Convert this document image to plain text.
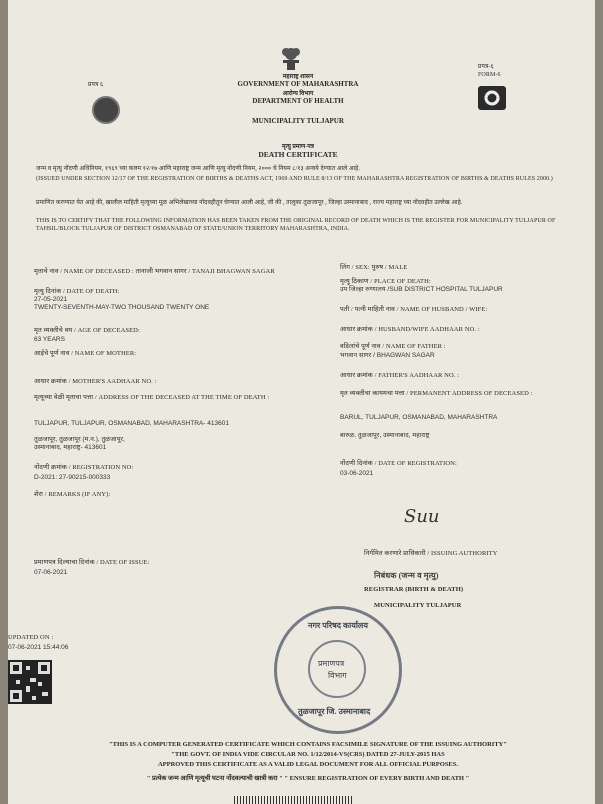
प्रपत्र ६
प्रपत्र-६
FORM-6
महाराष्ट्र शासन
GOVERNMENT OF MAHARASHTRA
आरोग्य विभाग
DEPARTMENT OF HEALTH
MUNICIPALITY TULJAPUR
मृत्यु प्रमाण-पत्र
DEATH CERTIFICATE
जन्म व मृत्यु नोंदणी अधिनियम, १९६९ च्या कलम १२/१७ आणि महाराष्ट्र जन्म आणि मृत्यु नोंदणी नियम, २००० चे नियम ८/१३ अन्वये देण्यात आले आहे.
(ISSUED UNDER SECTION 12/17 OF THE REGISTRATION OF BIRTHS & DEATHS ACT, 1969 AND RULE 8/13 OF THE MAHARASHTRA REGISTRATION OF BIRTHS & DEATHS RULES 2000.)
प्रमाणित करण्यात येत आहे की, खालील माहिती मृत्युच्या मूळ अभिलेखाच्या नोंदवहीतून घेण्यात आली आहे, जी की , तालुका तुळजापूर , जिल्हा उस्मानाबाद , राज्य महाराष्ट्र च्या नोंदवहीत उल्लेख आहे.
THIS IS TO CERTIFY THAT THE FOLLOWING INFORMATION HAS BEEN TAKEN FROM THE ORIGINAL RECORD OF DEATH WHICH IS THE REGISTER FOR MUNICIPALITY TULJAPUR OF TAHSIL/BLOCK TULJAPUR OF DISTRICT OSMANABAD OF STATE/UNION TERRITORY MAHARASHTRA, INDIA.
मृताचे नाव / NAME OF DECEASED : तानाजी भगवान सागर / TANAJI BHAGWAN SAGAR
मृत्यु दिनांक / DATE OF DEATH:
27-05-2021
TWENTY-SEVENTH-MAY-TWO THOUSAND TWENTY ONE
मृत व्यक्तीचे वय / AGE OF DECEASED:
63 YEARS
आईचे पूर्ण नाव / NAME OF MOTHER:
आधार क्रमांक / MOTHER'S AADHAAR NO. :
मृत्यूच्या वेळी मृताचा पत्ता / ADDRESS OF THE DECEASED AT THE TIME OF DEATH :
TULJAPUR, TULJAPUR, OSMANABAD, MAHARASHTRA- 413601
तुळजापूर, तुळजापूर (म.न.), तुळजापूर, उस्मानाबाद, महाराष्ट्र- 413601
नोंदणी क्रमांक / REGISTRATION NO:
D-2021: 27-90215-000333
शेरा / REMARKS (IF ANY):
प्रमाणपत्र दिल्याचा दिनांक / DATE OF ISSUE:
07-06-2021
लिंग / SEX: पुरुष / MALE
मृत्यु ठिकाण / PLACE OF DEATH:
उप जिल्हा रुग्णालय /SUB DISTRICT HOSPITAL TULJAPUR
पती / पत्नी माहिती नाव / NAME OF HUSBAND / WIFE:
आधार क्रमांक / HUSBAND/WIFE AADHAAR NO. :
वडिलांचे पूर्ण नाव / NAME OF FATHER :
भगवान सागर / BHAGWAN SAGAR
आधार क्रमांक / FATHER'S AADHAAR NO. :
मृत व्यक्तीचा कायमचा पत्ता / PERMANENT ADDRESS OF DECEASED :
BARUL, TULJAPUR, OSMANABAD, MAHARASHTRA
बारुळ, तुळजापूर, उस्मानाबाद, महाराष्ट्र
नोंदणी दिनांक / DATE OF REGISTRATION:
03-06-2021
Suu
निर्गमित करणारे प्राधिकारी / ISSUING AUTHORITY
निबंधक (जन्म व मृत्यु)
REGISTRAR (BIRTH & DEATH)
MUNICIPALITY TULJAPUR
नगर परिषद कार्यालय
प्रमाणपत्र
विभाग
तुळजापूर जि. उस्मानाबाद
UPDATED ON :
07-06-2021 15:44:06
"THIS IS A COMPUTER GENERATED CERTIFICATE WHICH CONTAINS FACSIMILE SIGNATURE OF THE ISSUING AUTHORITY"
"THE GOVT. OF INDIA VIDE CIRCULAR NO. 1/12/2014-VS(CRS) DATED 27-JULY-2015 HAS
APPROVED THIS CERTIFICATE AS A VALID LEGAL DOCUMENT FOR ALL OFFICIAL PURPOSES.
" प्रत्येक जन्म आणि मृत्यूची घटना नोंदवल्याची खात्री करा " " ENSURE REGISTRATION OF EVERY BIRTH AND DEATH "
